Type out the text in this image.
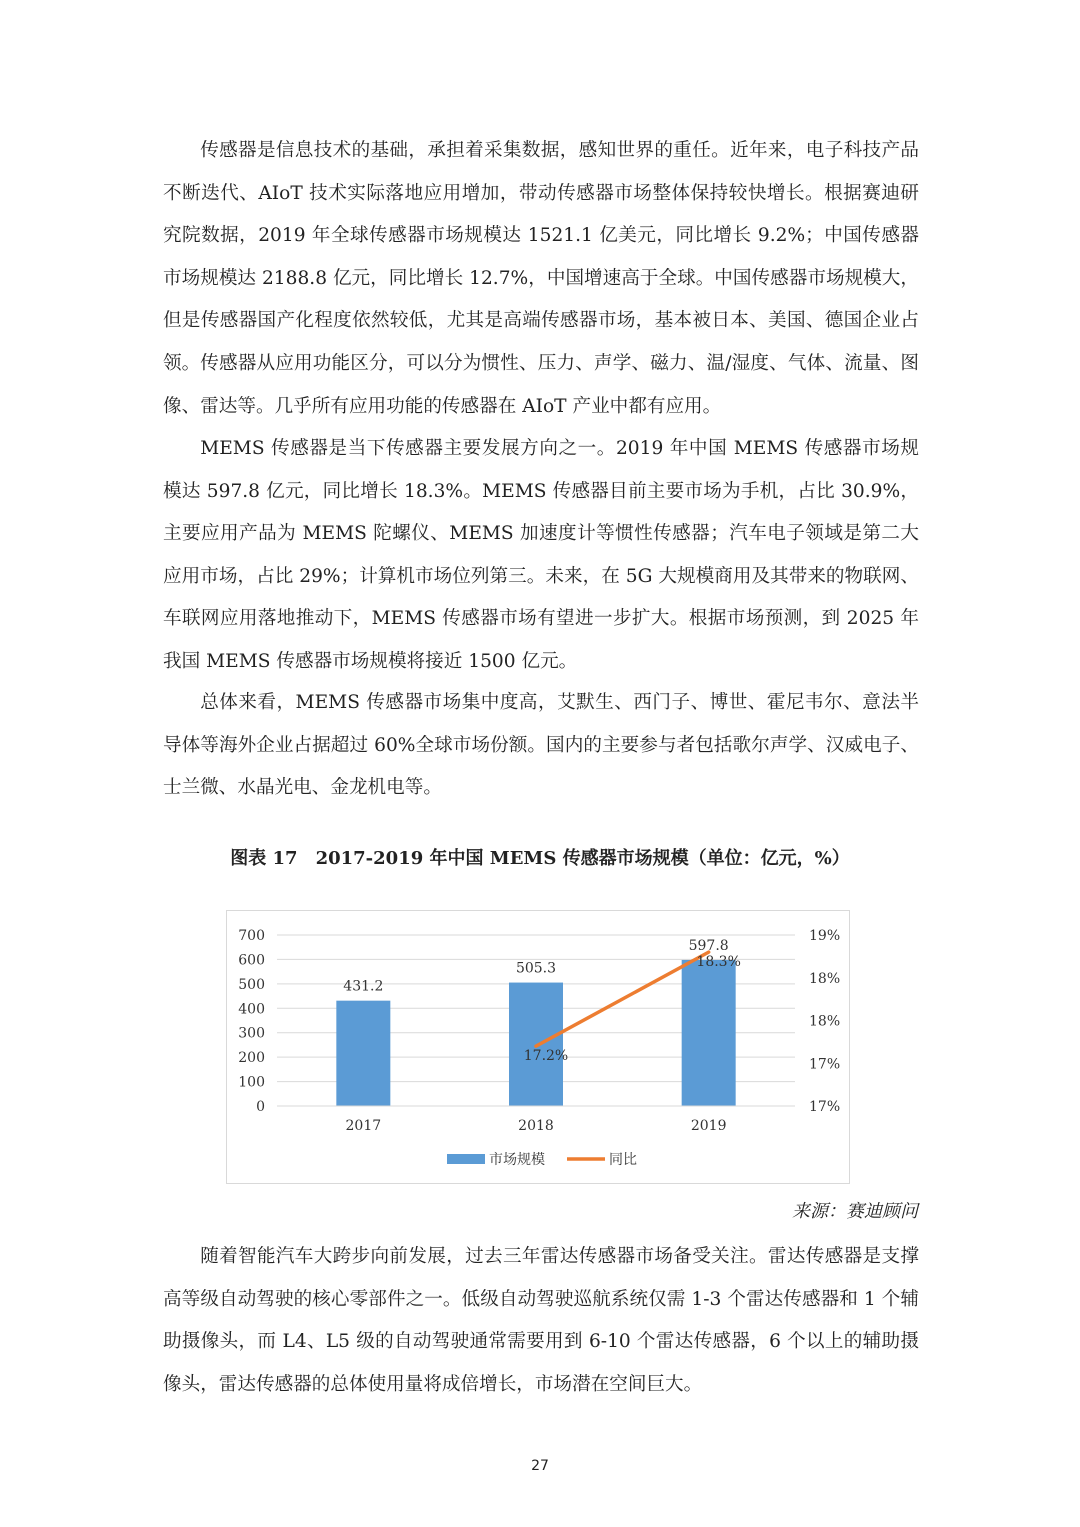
传感器是信息技术的基础，承担着采集数据，感知世界的重任。近年来，电子科技产品不断迭代、AIoT 技术实际落地应用增加，带动传感器市场整体保持较快增长。根据赛迪研究院数据，2019 年全球传感器市场规模达 1521.1 亿美元，同比增长 9.2%；中国传感器市场规模达 2188.8 亿元，同比增长 12.7%，中国增速高于全球。中国传感器市场规模大，但是传感器国产化程度依然较低，尤其是高端传感器市场，基本被日本、美国、德国企业占领。 传感器从应用功能区分，可以分为惯性、压力、声学、磁力、温/湿度、气体、流量、图像、雷达等。几乎所有应用功能的传感器在 AIoT 产业中都有应用。

MEMS 传感器是当下传感器主要发展方向之一。2019 年中国 MEMS 传感器市场规模达 597.8 亿元，同比增长 18.3%。MEMS 传感器目前主要市场为手机，占比 30.9%，主要应用产品为 MEMS 陀螺仪、MEMS 加速度计等惯性传感器；汽车电子领域是第二大应用市场，占比 29%；计算机市场位列第三。未来，在 5G 大规模商用及其带来的物联网、车联网应用落地推动下，MEMS 传感器市场有望进一步扩大。根据市场预测，到 2025 年我国 MEMS 传感器市场规模将接近 1500 亿元。

总体来看，MEMS 传感器市场集中度高，艾默生、西门子、博世、霍尼韦尔、意法半导体等海外企业占据超过 60%全球市场份额。国内的主要参与者包括歌尔声学、汉威电子、士兰微、水晶光电、金龙机电等。

图表 17　2017-2019 年中国 MEMS 传感器市场规模（单位：亿元，%）
0
100
200
300
400
500
600
700
17%
17%
18%
18%
19%
431.2
505.3
597.8
17.2%
18.3%
2017	2018	2019
市场规模	同比
来源：赛迪顾问

随着智能汽车大跨步向前发展，过去三年雷达传感器市场备受关注。雷达传感器是支撑高等级自动驾驶的核心零部件之一。低级自动驾驶巡航系统仅需 1-3 个雷达传感器和 1 个辅助摄像头，而 L4、L5 级的自动驾驶通常需要用到 6-10 个雷达传感器，6 个以上的辅助摄像头，雷达传感器的总体使用量将成倍增长，市场潜在空间巨大。

27
